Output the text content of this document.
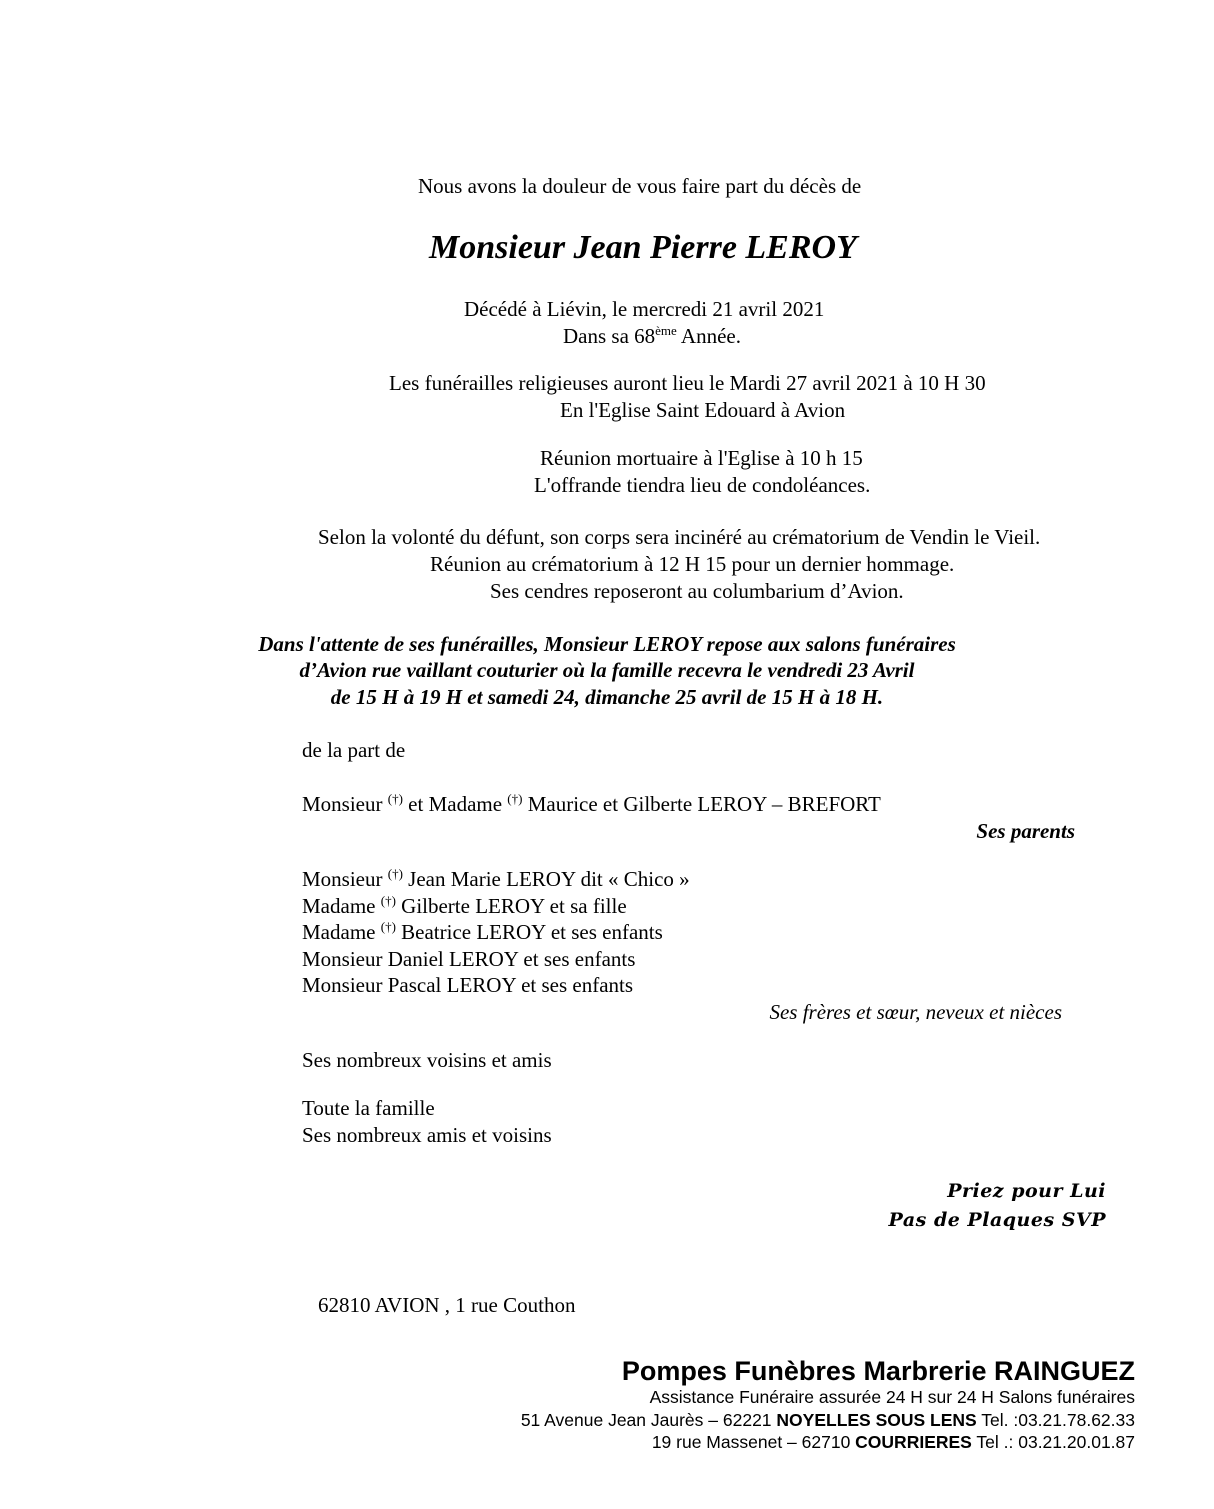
Nous avons la douleur de vous faire part du décès de
Monsieur Jean Pierre LEROY
Décédé à Liévin, le mercredi 21 avril 2021
Dans sa 68ème Année.
Les funérailles religieuses auront lieu le Mardi 27 avril 2021 à 10 H 30
En l'Eglise Saint Edouard à Avion
Réunion mortuaire à l'Eglise à 10 h 15
L'offrande tiendra lieu de condoléances.
Selon la volonté du défunt, son corps sera incinéré au crématorium de Vendin le Vieil.
Réunion au crématorium à 12 H 15 pour un dernier hommage.
Ses cendres reposeront au columbarium d’Avion.
Dans l'attente de ses funérailles, Monsieur LEROY repose aux salons funéraires
d’Avion rue vaillant couturier où la famille recevra le vendredi 23 Avril
de 15 H à 19 H et samedi 24, dimanche 25 avril de 15 H à 18 H.
de la part de
Monsieur (†) et Madame (†) Maurice et Gilberte LEROY – BREFORT
Ses parents
Monsieur (†) Jean Marie LEROY dit « Chico »
Madame (†) Gilberte LEROY et sa fille
Madame (†) Beatrice LEROY et ses enfants
Monsieur Daniel LEROY et ses enfants
Monsieur Pascal LEROY et ses enfants
Ses frères et sœur, neveux et nièces
Ses nombreux voisins et amis
Toute la famille
Ses nombreux amis et voisins
Priez pour Lui
Pas de Plaques SVP
62810 AVION , 1 rue Couthon
Pompes Funèbres Marbrerie RAINGUEZ
Assistance Funéraire assurée 24 H sur 24 H Salons funéraires
51 Avenue Jean Jaurès – 62221 NOYELLES SOUS LENS Tel. :03.21.78.62.33
19 rue Massenet – 62710 COURRIERES Tel .: 03.21.20.01.87
